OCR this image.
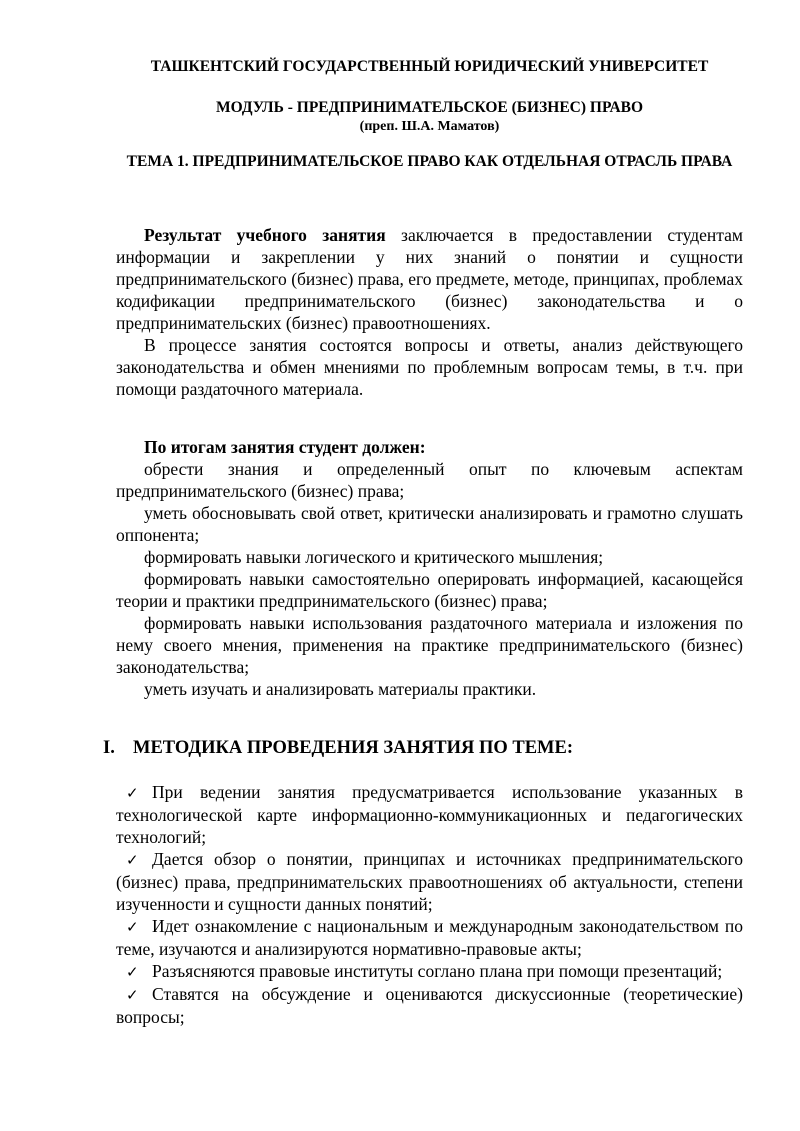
ТАШКЕНТСКИЙ ГОСУДАРСТВЕННЫЙ ЮРИДИЧЕСКИЙ УНИВЕРСИТЕТ

МОДУЛЬ - ПРЕДПРИНИМАТЕЛЬСКОЕ (БИЗНЕС) ПРАВО

(преп. Ш.А. Маматов)

ТЕМА 1. ПРЕДПРИНИМАТЕЛЬСКОЕ ПРАВО КАК ОТДЕЛЬНАЯ ОТРАСЛЬ ПРАВА

Результат учебного занятия заключается в предоставлении студентам информации и закреплении у них знаний о понятии и сущности предпринимательского (бизнес) права, его предмете, методе, принципах, проблемах кодификации предпринимательского (бизнес) законодательства и о предпринимательских (бизнес) правоотношениях.

В процессе занятия состоятся вопросы и ответы, анализ действующего законодательства и обмен мнениями по проблемным вопросам темы, в т.ч. при помощи раздаточного материала.

По итогам занятия студент должен:

обрести знания и определенный опыт по ключевым аспектам предпринимательского (бизнес) права;

уметь обосновывать свой ответ, критически анализировать и грамотно слушать оппонента;

формировать навыки логического и критического мышления;

формировать навыки самостоятельно оперировать информацией, касающейся теории и практики предпринимательского (бизнес) права;

формировать навыки использования раздаточного материала и изложения по нему своего мнения, применения на практике предпринимательского (бизнес) законодательства;

уметь изучать и анализировать материалы практики.

I. МЕТОДИКА ПРОВЕДЕНИЯ ЗАНЯТИЯ ПО ТЕМЕ:
✓ При ведении занятия предусматривается использование указанных в технологической карте информационно-коммуникационных и педагогических технологий;
✓ Дается обзор о понятии, принципах и источниках предпринимательского (бизнес) права, предпринимательских правоотношениях об актуальности, степени изученности и сущности данных понятий;
✓ Идет ознакомление с национальным и международным законодательством по теме, изучаются и анализируются нормативно-правовые акты;
✓ Разъясняются правовые институты соглано плана при помощи презентаций;
✓ Ставятся на обсуждение и оцениваются дискуссионные (теоретические) вопросы;
